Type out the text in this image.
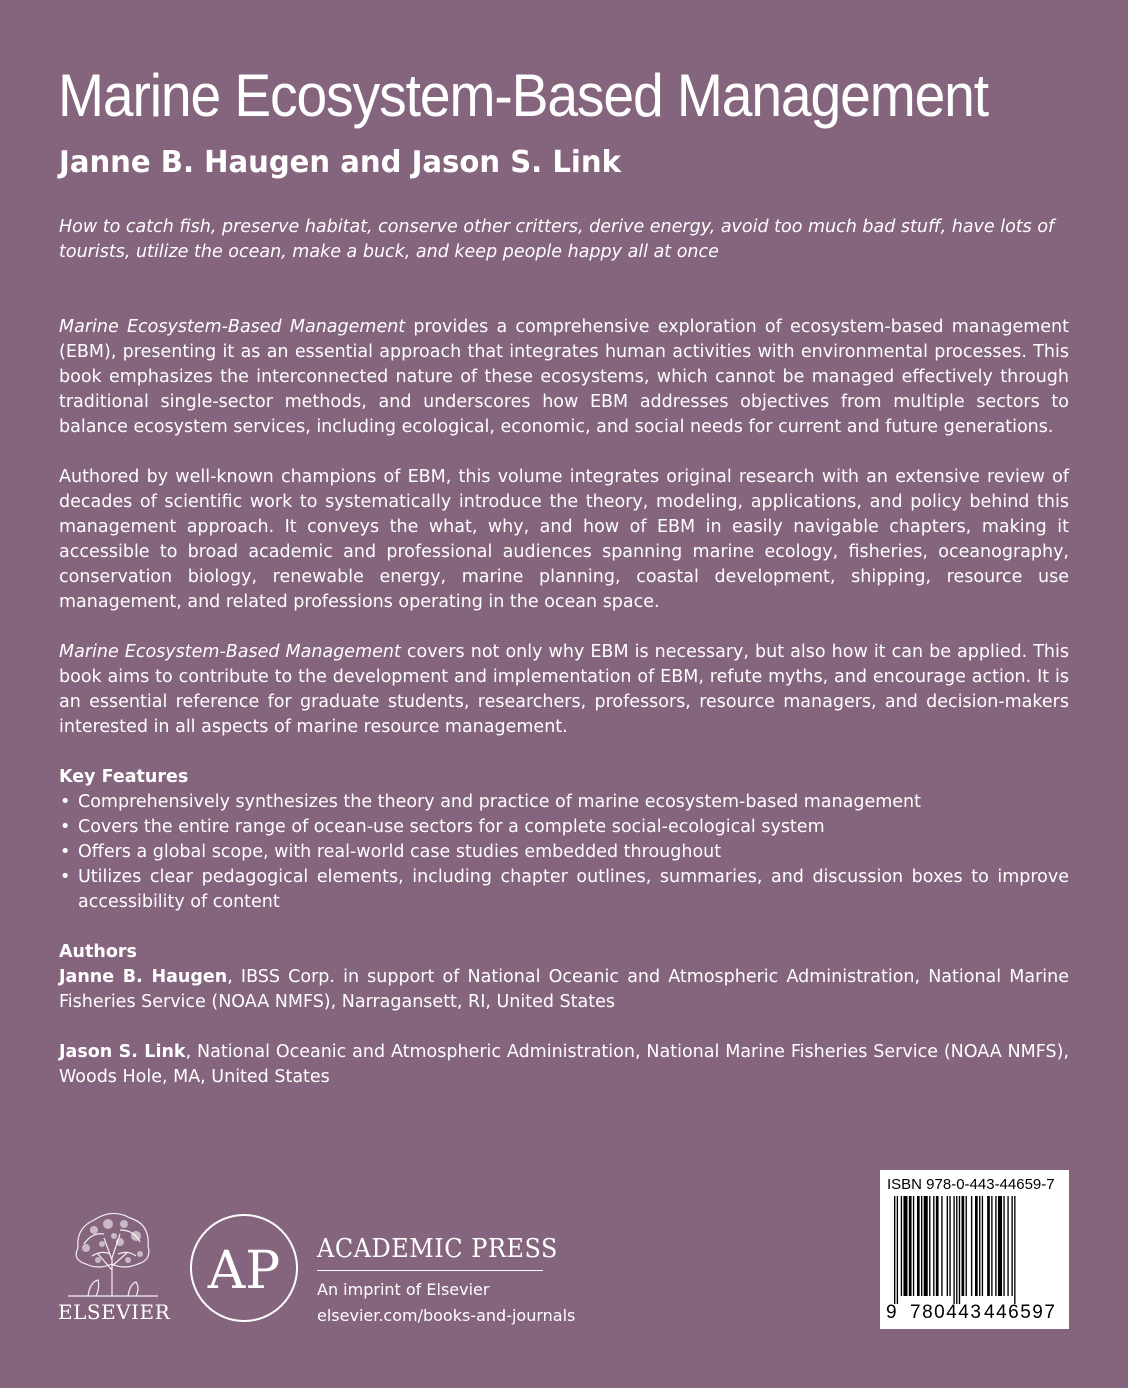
Marine Ecosystem-Based Management
Janne B. Haugen and Jason S. Link

How to catch fish, preserve habitat, conserve other critters, derive energy, avoid too much bad stuff, have lots of tourists, utilize the ocean, make a buck, and keep people happy all at once

Marine Ecosystem-Based Management provides a comprehensive exploration of ecosystem-based management (EBM), presenting it as an essential approach that integrates human activities with environmental processes. This book emphasizes the interconnected nature of these ecosystems, which cannot be managed effectively through traditional single-sector methods, and underscores how EBM addresses objectives from multiple sectors to balance ecosystem services, including ecological, economic, and social needs for current and future generations.

Authored by well-known champions of EBM, this volume integrates original research with an extensive review of decades of scientific work to systematically introduce the theory, modeling, applications, and policy behind this management approach. It conveys the what, why, and how of EBM in easily navigable chapters, making it accessible to broad academic and professional audiences spanning marine ecology, fisheries, oceanography, conservation biology, renewable energy, marine planning, coastal development, shipping, resource use management, and related professions operating in the ocean space.

Marine Ecosystem-Based Management covers not only why EBM is necessary, but also how it can be applied. This book aims to contribute to the development and implementation of EBM, refute myths, and encourage action. It is an essential reference for graduate students, researchers, professors, resource managers, and decision-makers interested in all aspects of marine resource management.

Key Features
• Comprehensively synthesizes the theory and practice of marine ecosystem-based management
• Covers the entire range of ocean-use sectors for a complete social-ecological system
• Offers a global scope, with real-world case studies embedded throughout
• Utilizes clear pedagogical elements, including chapter outlines, summaries, and discussion boxes to improve accessibility of content
Authors

Janne B. Haugen, IBSS Corp. in support of National Oceanic and Atmospheric Administration, National Marine Fisheries Service (NOAA NMFS), Narragansett, RI, United States

Jason S. Link, National Oceanic and Atmospheric Administration, National Marine Fisheries Service (NOAA NMFS), Woods Hole, MA, United States

ELSEVIER
AP ACADEMIC PRESS
An imprint of Elsevier
elsevier.com/books-and-journals
ISBN 978-0-443-44659-7
9 780443 446597
